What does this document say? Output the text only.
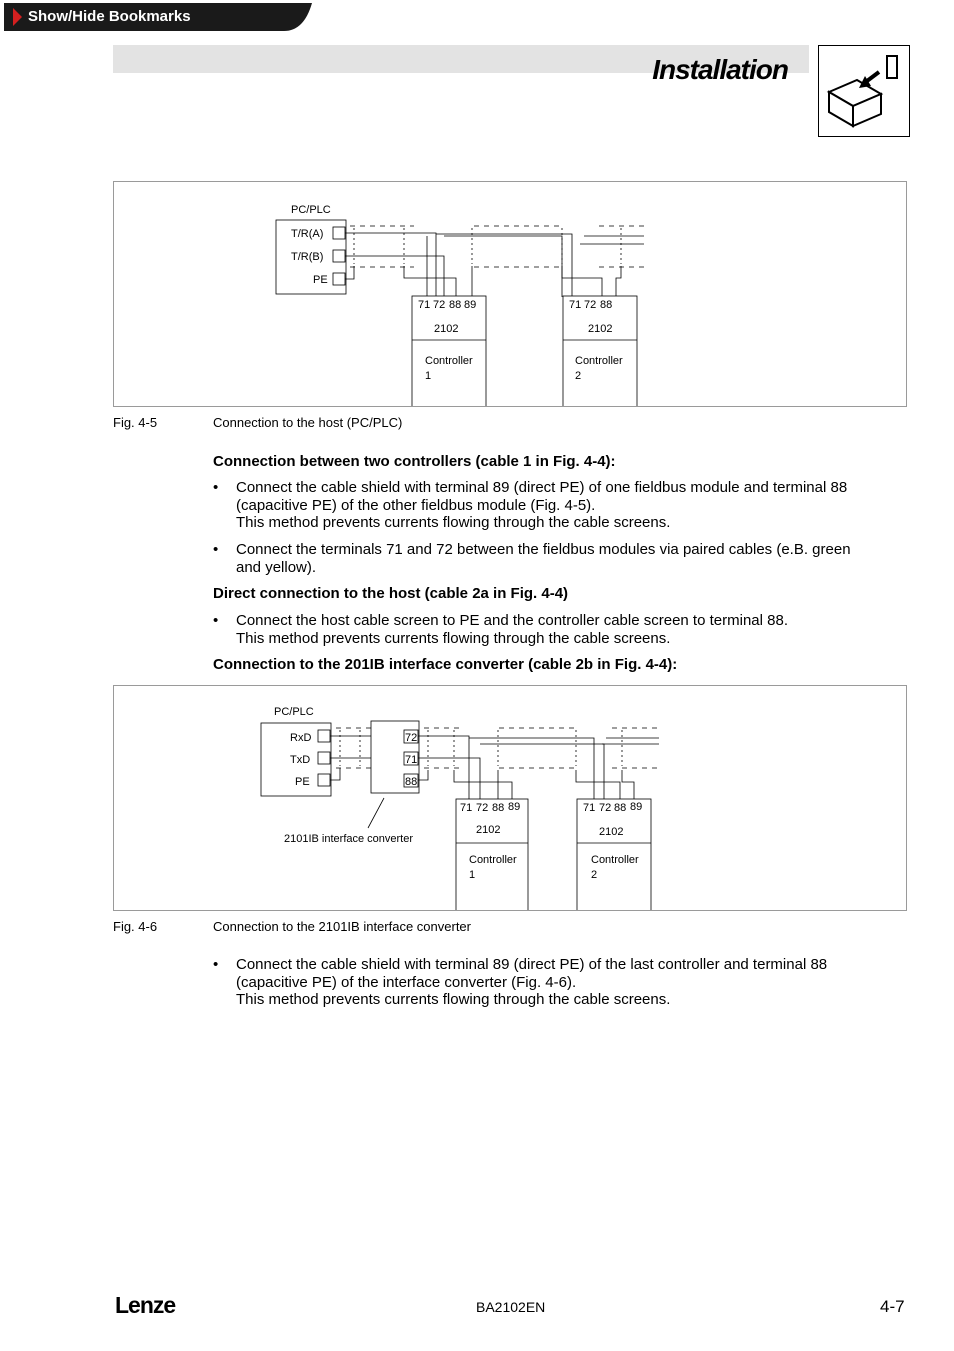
Show/Hide Bookmarks
Installation
PC/PLC
T/R(A)
T/R(B)
PE
71 72 88 89
2102
Controller
1
71 72 88
2102
Controller
2
Fig. 4-5	Connection to the host (PC/PLC)
Connection between two controllers (cable 1 in Fig. 4-4):
• Connect the cable shield with terminal 89 (direct PE) of one fieldbus module and terminal 88
(capacitive PE) of the other fieldbus module (Fig. 4-5).
This method prevents currents flowing through the cable screens.
• Connect the terminals 71 and 72 between the fieldbus modules via paired cables (e.B. green
and yellow).
Direct connection to the host (cable 2a in Fig. 4-4)
• Connect the host cable screen to PE and the controller cable screen to terminal 88.
This method prevents currents flowing through the cable screens.
Connection to the 201IB interface converter (cable 2b in Fig. 4-4):
PC/PLC
RxD
TxD
PE
72
71
88
2101IB interface converter
71 72 88 89
2102
Controller
1
71 72 88 89
2102
Controller
2
Fig. 4-6	Connection to the 2101IB interface converter
• Connect the cable shield with terminal 89 (direct PE) of the last controller and terminal 88
(capacitive PE) of the interface converter (Fig. 4-6).
This method prevents currents flowing through the cable screens.
Lenze	BA2102EN	4-7
